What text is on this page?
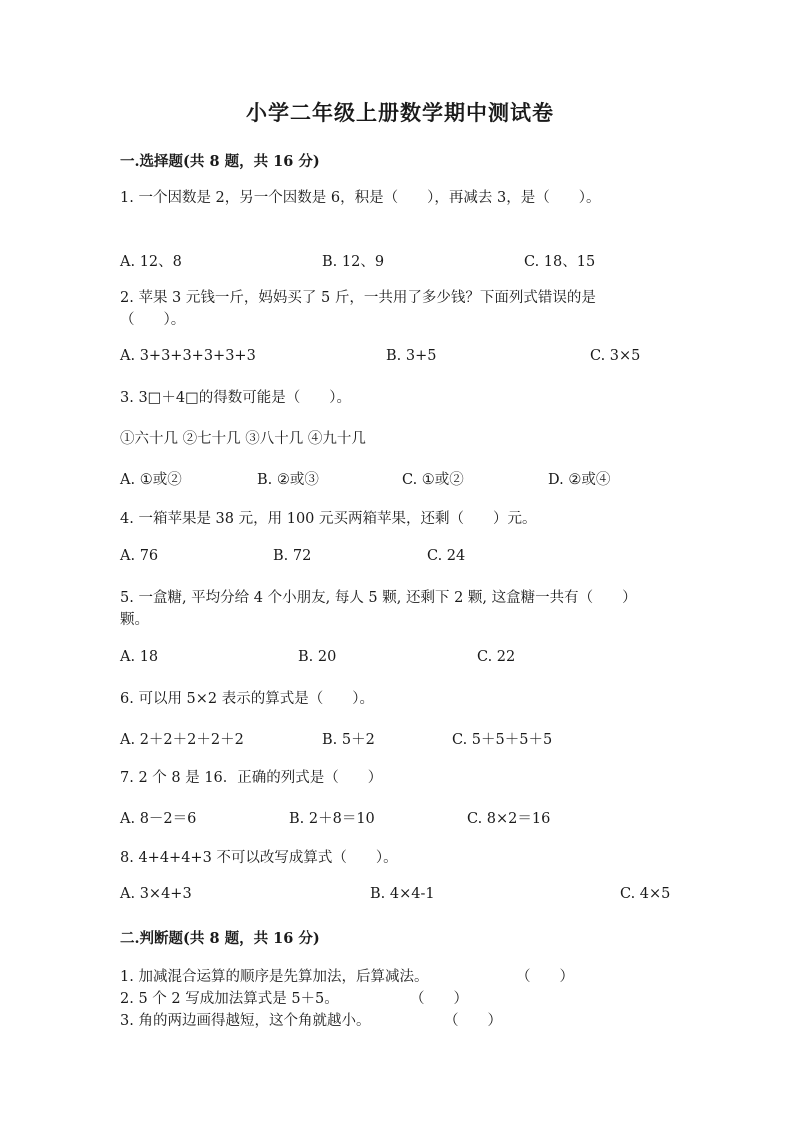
小学二年级上册数学期中测试卷
一.选择题(共 8 题，共 16 分)
1. 一个因数是 2，另一个因数是 6，积是（　　），再减去 3，是（　　）。
A. 12、8	B. 12、9	C. 18、15
2. 苹果 3 元钱一斤，妈妈买了 5 斤，一共用了多少钱？下面列式错误的是（　　）。
A. 3+3+3+3+3+3	B. 3+5	C. 3×5
3. 3□＋4□的得数可能是（　　）。
①六十几 ②七十几 ③八十几 ④九十几
A. ①或②	B. ②或③	C. ①或②	D. ②或④
4. 一箱苹果是 38 元，用 100 元买两箱苹果，还剩（　　）元。
A. 76	B. 72	C. 24
5. 一盒糖, 平均分给 4 个小朋友, 每人 5 颗, 还剩下 2 颗, 这盒糖一共有（　　）颗。
A. 18	B. 20	C. 22
6. 可以用 5×2 表示的算式是（　　）。
A. 2＋2＋2＋2＋2	B. 5＋2	C. 5＋5＋5＋5
7. 2 个 8 是 16．正确的列式是（　　）
A. 8－2＝6	B. 2＋8＝10	C. 8×2＝16
8. 4+4+4+3 不可以改写成算式（　　）。
A. 3×4+3	B. 4×4-1	C. 4×5
二.判断题(共 8 题，共 16 分)
1. 加减混合运算的顺序是先算加法，后算减法。	（　　）
2. 5 个 2 写成加法算式是 5＋5。	（　　）
3. 角的两边画得越短，这个角就越小。	（　　）
